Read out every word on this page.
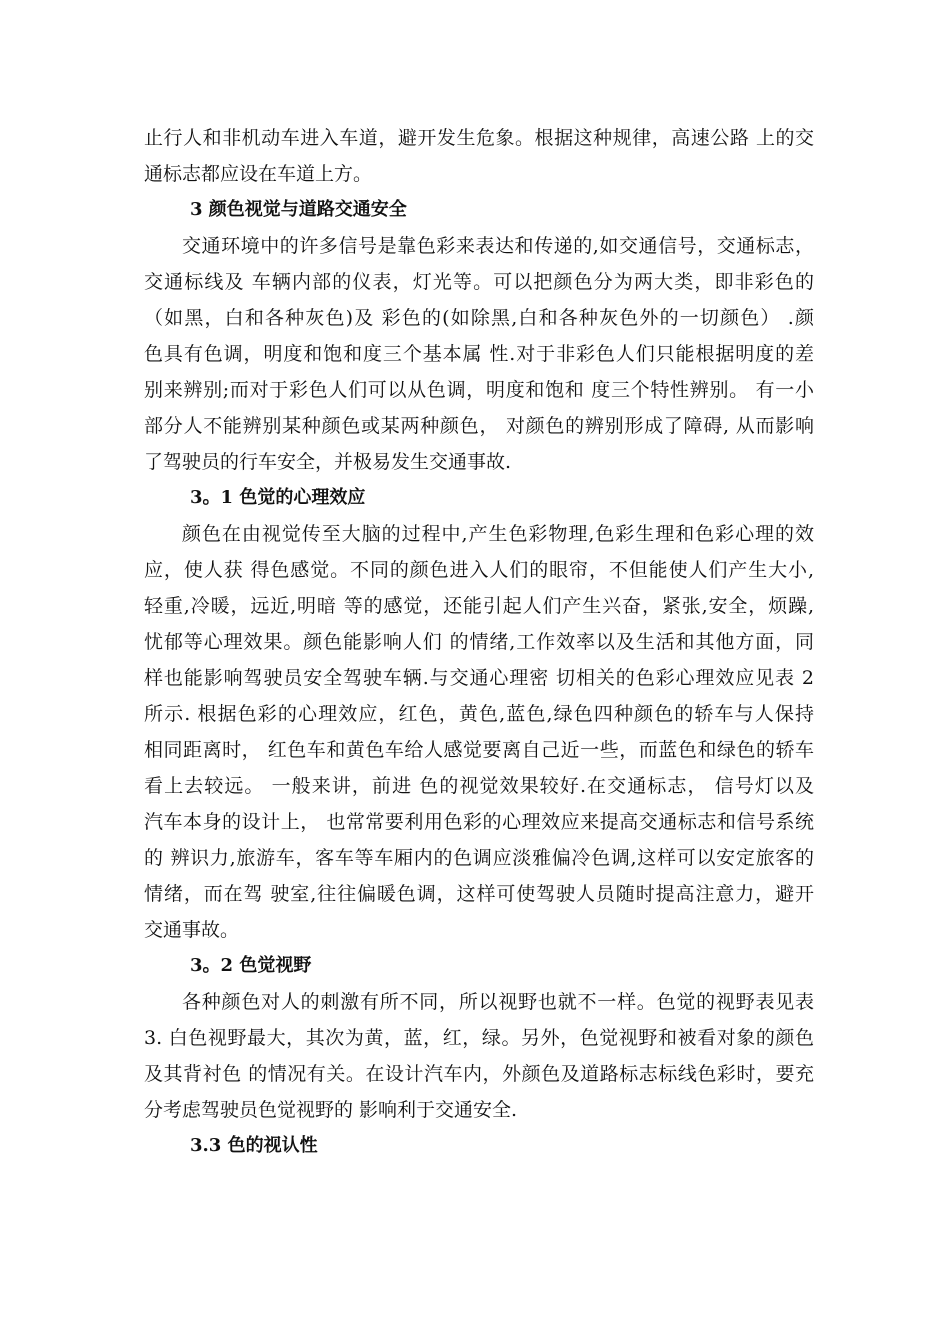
止行人和非机动车进入车道，避开发生危象。根据这种规律，高速公路 上的交
通标志都应设在车道上方。
3 颜色视觉与道路交通安全
交通环境中的许多信号是靠色彩来表达和传递的,如交通信号，交通标志，
交通标线及 车辆内部的仪表，灯光等。可以把颜色分为两大类，即非彩色的
（如黑，白和各种灰色)及 彩色的(如除黑,白和各种灰色外的一切颜色） .颜
色具有色调，明度和饱和度三个基本属 性.对于非彩色人们只能根据明度的差
别来辨别;而对于彩色人们可以从色调，明度和饱和 度三个特性辨别。 有一小
部分人不能辨别某种颜色或某两种颜色， 对颜色的辨别形成了障碍, 从而影响
了驾驶员的行车安全，并极易发生交通事故.
3。1 色觉的心理效应
颜色在由视觉传至大脑的过程中,产生色彩物理,色彩生理和色彩心理的效
应，使人获 得色感觉。不同的颜色进入人们的眼帘，不但能使人们产生大小,
轻重,冷暖，远近,明暗 等的感觉，还能引起人们产生兴奋，紧张,安全，烦躁,
忧郁等心理效果。颜色能影响人们 的情绪,工作效率以及生活和其他方面，同
样也能影响驾驶员安全驾驶车辆.与交通心理密 切相关的色彩心理效应见表 2
所示. 根据色彩的心理效应，红色，黄色,蓝色,绿色四种颜色的轿车与人保持
相同距离时， 红色车和黄色车给人感觉要离自己近一些，而蓝色和绿色的轿车
看上去较远。 一般来讲，前进 色的视觉效果较好.在交通标志， 信号灯以及
汽车本身的设计上， 也常常要利用色彩的心理效应来提高交通标志和信号系统
的 辨识力,旅游车，客车等车厢内的色调应淡雅偏冷色调,这样可以安定旅客的
情绪，而在驾 驶室,往往偏暖色调，这样可使驾驶人员随时提高注意力，避开
交通事故。
3。2 色觉视野
各种颜色对人的刺激有所不同，所以视野也就不一样。色觉的视野表见表
3. 白色视野最大，其次为黄，蓝，红，绿。另外，色觉视野和被看对象的颜色
及其背衬色 的情况有关。在设计汽车内，外颜色及道路标志标线色彩时，要充
分考虑驾驶员色觉视野的 影响利于交通安全.
3.3 色的视认性
